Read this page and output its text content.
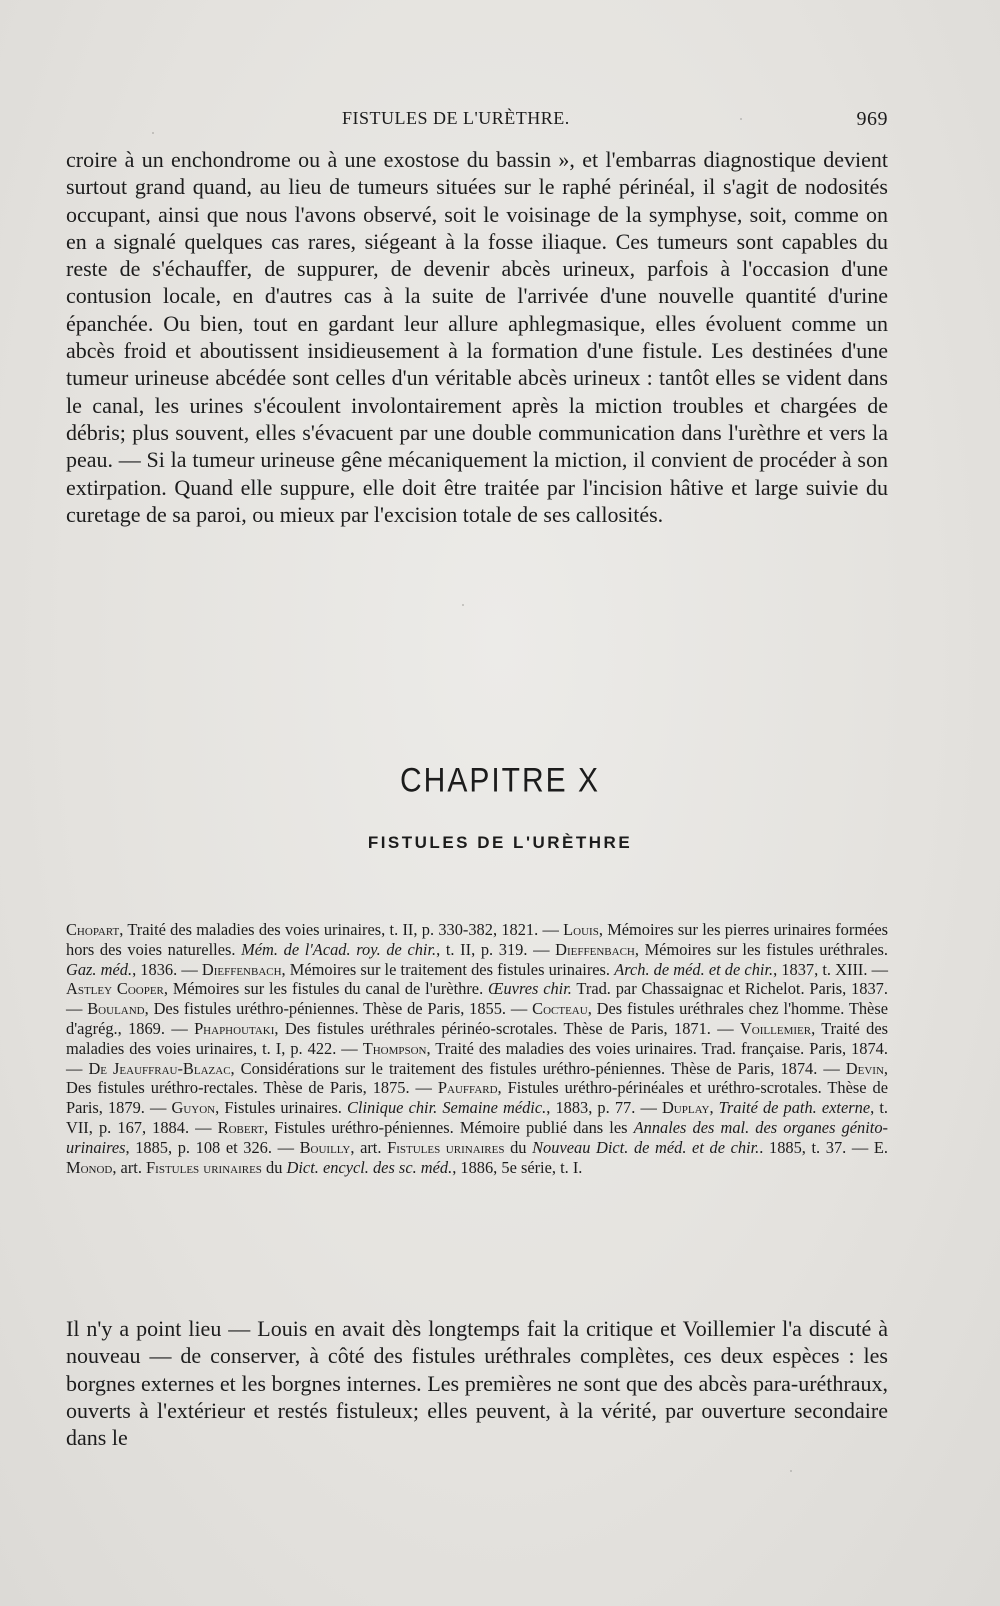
FISTULES DE L'URÈTHRE.	969

croire à un enchondrome ou à une exostose du bassin », et l'embarras diagnostique devient surtout grand quand, au lieu de tumeurs situées sur le raphé périnéal, il s'agit de nodosités occupant, ainsi que nous l'avons observé, soit le voisinage de la symphyse, soit, comme on en a signalé quelques cas rares, siégeant à la fosse iliaque. Ces tumeurs sont capables du reste de s'échauffer, de suppurer, de devenir abcès urineux, parfois à l'occasion d'une contusion locale, en d'autres cas à la suite de l'arrivée d'une nouvelle quantité d'urine épanchée. Ou bien, tout en gardant leur allure aphlegmasique, elles évoluent comme un abcès froid et aboutissent insidieusement à la formation d'une fistule. Les destinées d'une tumeur urineuse abcédée sont celles d'un véritable abcès urineux : tantôt elles se vident dans le canal, les urines s'écoulent involontairement après la miction troubles et chargées de débris; plus souvent, elles s'évacuent par une double communication dans l'urèthre et vers la peau. — Si la tumeur urineuse gêne mécaniquement la miction, il convient de procéder à son extirpation. Quand elle suppure, elle doit être traitée par l'incision hâtive et large suivie du curetage de sa paroi, ou mieux par l'excision totale de ses callosités.

CHAPITRE X
FISTULES DE L'URÈTHRE

Chopart, Traité des maladies des voies urinaires, t. II, p. 330-382, 1821. — Louis, Mémoires sur les pierres urinaires formées hors des voies naturelles. Mém. de l'Acad. roy. de chir., t. II, p. 319. — Dieffenbach, Mémoires sur les fistules uréthrales. Gaz. méd., 1836. — Dieffenbach, Mémoires sur le traitement des fistules urinaires. Arch. de méd. et de chir., 1837, t. XIII. — Astley Cooper, Mémoires sur les fistules du canal de l'urèthre. Œuvres chir. Trad. par Chassaignac et Richelot. Paris, 1837. — Bouland, Des fistules uréthro-péniennes. Thèse de Paris, 1855. — Cocteau, Des fistules uréthrales chez l'homme. Thèse d'agrég., 1869. — Phaphoutaki, Des fistules uréthrales périnéo-scrotales. Thèse de Paris, 1871. — Voillemier, Traité des maladies des voies urinaires, t. I, p. 422. — Thompson, Traité des maladies des voies urinaires. Trad. française. Paris, 1874. — De Jeauffrau-Blazac, Considérations sur le traitement des fistules uréthro-péniennes. Thèse de Paris, 1874. — Devin, Des fistules uréthro-rectales. Thèse de Paris, 1875. — Pauffard, Fistules uréthro-périnéales et uréthro-scrotales. Thèse de Paris, 1879. — Guyon, Fistules urinaires. Clinique chir. Semaine médic., 1883, p. 77. — Duplay, Traité de path. externe, t. VII, p. 167, 1884. — Robert, Fistules uréthro-péniennes. Mémoire publié dans les Annales des mal. des organes génito-urinaires, 1885, p. 108 et 326. — Bouilly, art. Fistules urinaires du Nouveau Dict. de méd. et de chir.. 1885, t. 37. — E. Monod, art. Fistules urinaires du Dict. encycl. des sc. méd., 1886, 5e série, t. I.

Il n'y a point lieu — Louis en avait dès longtemps fait la critique et Voillemier l'a discuté à nouveau — de conserver, à côté des fistules uréthrales complètes, ces deux espèces : les borgnes externes et les borgnes internes. Les premières ne sont que des abcès para-uréthraux, ouverts à l'extérieur et restés fistuleux; elles peuvent, à la vérité, par ouverture secondaire dans le
